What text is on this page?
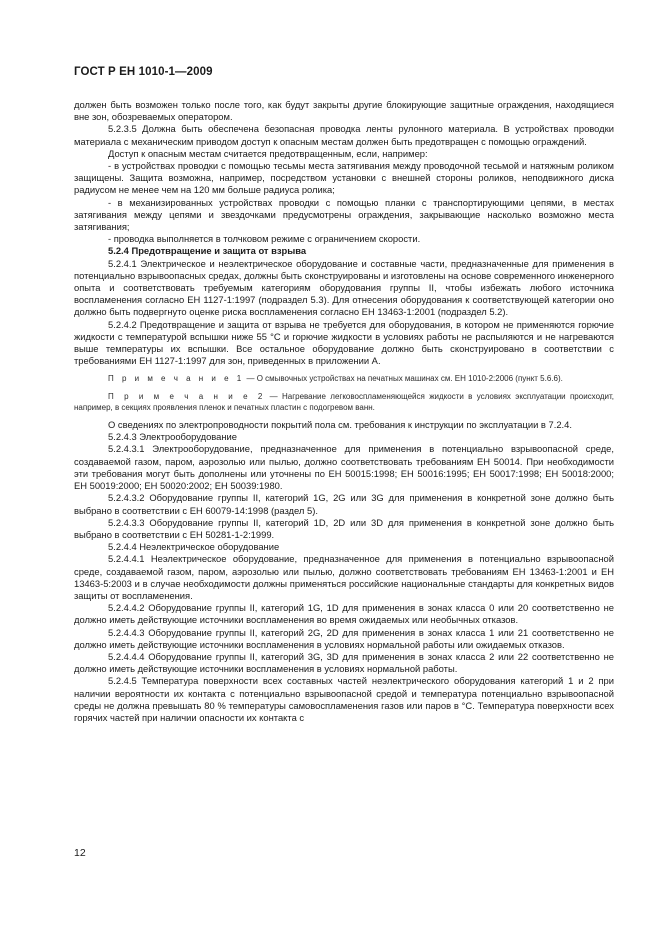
ГОСТ Р ЕН 1010-1—2009

должен быть возможен только после того, как будут закрыты другие блокирующие защитные ограждения, находящиеся вне зон, обозреваемых оператором.

5.2.3.5 Должна быть обеспечена безопасная проводка ленты рулонного материала. В устройствах проводки материала с механическим приводом доступ к опасным местам должен быть предотвращен с помощью ограждений.

Доступ к опасным местам считается предотвращенным, если, например:

- в устройствах проводки с помощью тесьмы места затягивания между проводочной тесьмой и натяжным роликом защищены. Защита возможна, например, посредством установки с внешней стороны роликов, неподвижного диска радиусом не менее чем на 120 мм больше радиуса ролика;

- в механизированных устройствах проводки с помощью планки с транспортирующими цепями, в местах затягивания между цепями и звездочками предусмотрены ограждения, закрывающие насколько возможно места затягивания;

- проводка выполняется в толчковом режиме с ограничением скорости.

5.2.4 Предотвращение и защита от взрыва

5.2.4.1 Электрическое и неэлектрическое оборудование и составные части, предназначенные для применения в потенциально взрывоопасных средах, должны быть сконструированы и изготовлены на основе современного инженерного опыта и соответствовать требуемым категориям оборудования группы II, чтобы избежать любого источника воспламенения согласно ЕН 1127-1:1997 (подраздел 5.3). Для отнесения оборудования к соответствующей категории оно должно быть подвергнуто оценке риска воспламенения согласно ЕН 13463-1:2001 (подраздел 5.2).

5.2.4.2 Предотвращение и защита от взрыва не требуется для оборудования, в котором не применяются горючие жидкости с температурой вспышки ниже 55 °С и горючие жидкости в условиях работы не распыляются и не нагреваются выше температуры их вспышки. Все остальное оборудование должно быть сконструировано в соответствии с требованиями ЕН 1127-1:1997 для зон, приведенных в приложении А.

П р и м е ч а н и е 1 — О смывочных устройствах на печатных машинах см. ЕН 1010-2:2006 (пункт 5.6.6).

П р и м е ч а н и е 2 — Нагревание легковоспламеняющейся жидкости в условиях эксплуатации происходит, например, в секциях проявления пленок и печатных пластин с подогревом ванн.

О сведениях по электропроводности покрытий пола см. требования к инструкции по эксплуатации в 7.2.4.

5.2.4.3 Электрооборудование

5.2.4.3.1 Электрооборудование, предназначенное для применения в потенциально взрывоопасной среде, создаваемой газом, паром, аэрозолью или пылью, должно соответствовать требованиям ЕН 50014. При необходимости эти требования могут быть дополнены или уточнены по ЕН 50015:1998; ЕН 50016:1995; ЕН 50017:1998; ЕН 50018:2000; ЕН 50019:2000; ЕН 50020:2002; ЕН 50039:1980.

5.2.4.3.2 Оборудование группы II, категорий 1G, 2G или 3G для применения в конкретной зоне должно быть выбрано в соответствии с ЕН 60079-14:1998 (раздел 5).

5.2.4.3.3 Оборудование группы II, категорий 1D, 2D или 3D для применения в конкретной зоне должно быть выбрано в соответствии с ЕН 50281-1-2:1999.

5.2.4.4 Неэлектрическое оборудование

5.2.4.4.1 Неэлектрическое оборудование, предназначенное для применения в потенциально взрывоопасной среде, создаваемой газом, паром, аэрозолью или пылью, должно соответствовать требованиям ЕН 13463-1:2001 и ЕН 13463-5:2003 и в случае необходимости должны применяться российские национальные стандарты для конкретных видов защиты от воспламенения.

5.2.4.4.2 Оборудование группы II, категорий 1G, 1D для применения в зонах класса 0 или 20 соответственно не должно иметь действующие источники воспламенения во время ожидаемых или необычных отказов.

5.2.4.4.3 Оборудование группы II, категорий 2G, 2D для применения в зонах класса 1 или 21 соответственно не должно иметь действующие источники воспламенения в условиях нормальной работы или ожидаемых отказов.

5.2.4.4.4 Оборудование группы II, категорий 3G, 3D для применения в зонах класса 2 или 22 соответственно не должно иметь действующие источники воспламенения в условиях нормальной работы.

5.2.4.5 Температура поверхности всех составных частей неэлектрического оборудования категорий 1 и 2 при наличии вероятности их контакта с потенциально взрывоопасной средой и температура потенциально взрывоопасной среды не должна превышать 80 % температуры самовоспламенения газов или паров в °С. Температура поверхности всех горячих частей при наличии опасности их контакта с

12
